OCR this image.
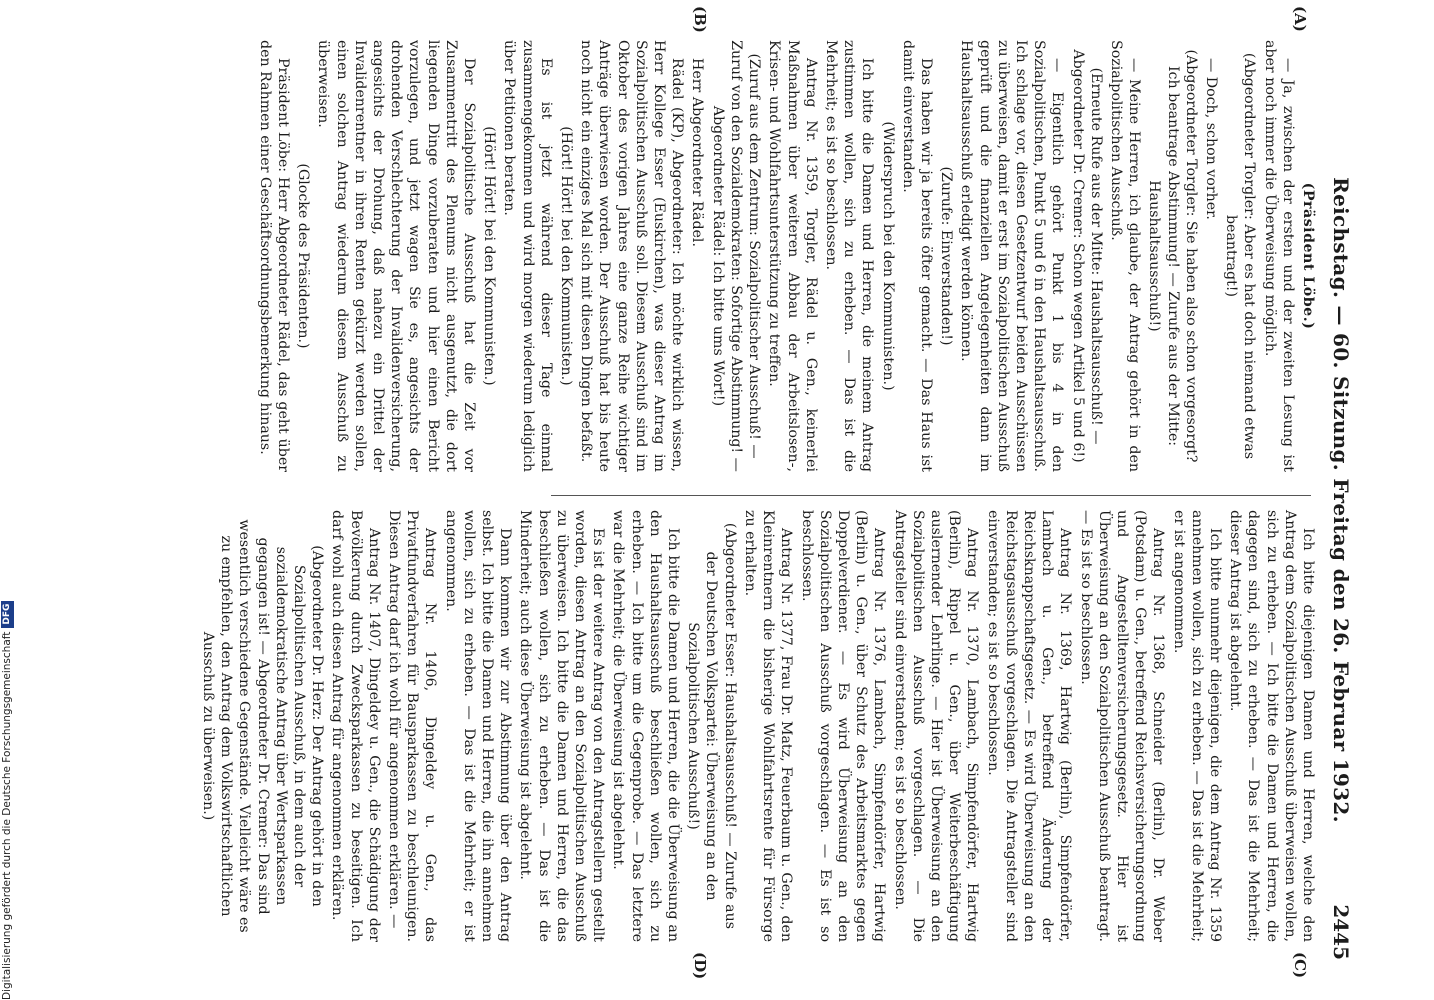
Reichstag. — 60. Sitzung. Freitag den 26. Februar 1932.
2445
(A)
(B)
(C)
(D)

(Präsident Löbe.)

— Ja, zwischen der ersten und der zweiten Lesung ist aber noch immer die Überweisung möglich.

(Abgeordneter Torgler: Aber es hat doch niemand etwas beantragt!)

— Doch, schon vorher.

(Abgeordneter Torgler: Sie haben also schon vorgesorgt? Ich beantrage Abstimmung! — Zurufe aus der Mitte: Haushaltsausschuß!)

— Meine Herren, ich glaube, der Antrag gehört in den Sozialpolitischen Ausschuß.

(Erneute Rufe aus der Mitte: Haushaltsausschuß! — Abgeordneter Dr. Cremer: Schon wegen Artikel 5 und 6!)

— Eigentlich gehört Punkt 1 bis 4 in den Sozialpolitischen, Punkt 5 und 6 in den Haushaltsausschuß. Ich schlage vor, diesen Gesetzentwurf beiden Ausschüssen zu überweisen, damit er erst im Sozialpolitischen Ausschuß geprüft und die finanziellen Angelegenheiten dann im Haushaltsausschuß erledigt werden können.

(Zurufe: Einverstanden!)

Das haben wir ja bereits öfter gemacht. — Das Haus ist damit einverstanden.

(Widerspruch bei den Kommunisten.)

Ich bitte die Damen und Herren, die meinem Antrag zustimmen wollen, sich zu erheben. — Das ist die Mehrheit; es ist so beschlossen.

Antrag Nr. 1359, Torgler, Rädel u. Gen., keinerlei Maßnahmen über weiteren Abbau der Arbeitslosen-, Krisen- und Wohlfahrtsunterstützung zu treffen.

(Zuruf aus dem Zentrum: Sozialpolitischer Ausschuß! — Zuruf von den Sozialdemokraten: Sofortige Abstimmung! — Abgeordneter Rädel: Ich bitte ums Wort!)

Herr Abgeordneter Rädel.

Rädel (KP), Abgeordneter: Ich möchte wirklich wissen, Herr Kollege Esser (Euskirchen), was dieser Antrag im Sozialpolitischen Ausschuß soll. Diesem Ausschuß sind im Oktober des vorigen Jahres eine ganze Reihe wichtiger Anträge überwiesen worden. Der Ausschuß hat bis heute noch nicht ein einziges Mal sich mit diesen Dingen befaßt.

(Hört! Hört! bei den Kommunisten.)

Es ist jetzt während dieser Tage einmal zusammengekommen und wird morgen wiederum lediglich über Petitionen beraten.

(Hört! Hört! bei den Kommunisten.)

Der Sozialpolitische Ausschuß hat die Zeit vor Zusammentritt des Plenums nicht ausgenutzt, die dort liegenden Dinge vorzuberaten und hier einen Bericht vorzulegen, und jetzt wagen Sie es, angesichts der drohenden Verschlechterung der Invalidenversicherung, angesichts der Drohung, daß nahezu ein Drittel der Invalidenrentner in ihren Renten gekürzt werden sollen, einen solchen Antrag wiederum diesem Ausschuß zu überweisen.

(Glocke des Präsidenten.)

Präsident Löbe: Herr Abgeordneter Rädel, das geht über den Rahmen einer Geschäftsordnungsbemerkung hinaus.

Ich bitte diejenigen Damen und Herren, welche den Antrag dem Sozialpolitischen Ausschuß überweisen wollen, sich zu erheben. — Ich bitte die Damen und Herren, die dagegen sind, sich zu erheben. — Das ist die Mehrheit; dieser Antrag ist abgelehnt.

Ich bitte nunmehr diejenigen, die dem Antrag Nr. 1359 annehmen wollen, sich zu erheben. — Das ist die Mehrheit; er ist angenommen.

Antrag Nr. 1368, Schneider (Berlin), Dr. Weber (Potsdam) u. Gen., betreffend Reichsversicherungsordnung und Angestelltenversicherungsgesetz. Hier ist Überweisung an den Sozialpolitischen Ausschuß beantragt. — Es ist so beschlossen.

Antrag Nr. 1369, Hartwig (Berlin), Simpfendörfer, Lambach u. Gen., betreffend Änderung der Reichsknappschaftsgesetz. — Es wird Überweisung an den Reichstagsausschuß vorgeschlagen. Die Antragsteller sind einverstanden; es ist so beschlossen.

Antrag Nr. 1370, Lambach, Simpfendörfer, Hartwig (Berlin), Rippel u. Gen., über Weiterbeschäftigung auslernender Lehrlinge. — Hier ist Überweisung an den Sozialpolitischen Ausschuß vorgeschlagen. — Die Antragsteller sind einverstanden; es ist so beschlossen.

Antrag Nr. 1376, Lambach, Simpfendörfer, Hartwig (Berlin) u. Gen., über Schutz des Arbeitsmarktes gegen Doppelverdiener. — Es wird Überweisung an den Sozialpolitischen Ausschuß vorgeschlagen. — Es ist so beschlossen.

Antrag Nr. 1377, Frau Dr. Matz, Feuerbaum u. Gen., den Kleinrentnern die bisherige Wohlfahrtsrente für Fürsorge zu erhalten.

(Abgeordneter Esser: Haushaltsausschuß! — Zurufe aus der Deutschen Volkspartei: Überweisung an den Sozialpolitischen Ausschuß!)

Ich bitte die Damen und Herren, die die Überweisung an den Haushaltsausschuß beschließen wollen, sich zu erheben. — Ich bitte um die Gegenprobe. — Das letztere war die Mehrheit; die Überweisung ist abgelehnt.

Es ist der weitere Antrag von den Antragstellern gestellt worden, diesen Antrag an den Sozialpolitischen Ausschuß zu überweisen. Ich bitte die Damen und Herren, die das beschließen wollen, sich zu erheben. — Das ist die Minderheit; auch diese Überweisung ist abgelehnt.

Dann kommen wir zur Abstimmung über den Antrag selbst. Ich bitte die Damen und Herren, die ihn annehmen wollen, sich zu erheben. — Das ist die Mehrheit; er ist angenommen.

Antrag Nr. 1406, Dingeldey u. Gen., das Privatfundverfahren für Bausparkassen zu beschleunigen. Diesen Antrag darf ich wohl für angenommen erklären. —

Antrag Nr. 1407, Dingeldey u. Gen., die Schädigung der Bevölkerung durch Zwecksparkassen zu beseitigen. Ich darf wohl auch diesen Antrag für angenommen erklären.

(Abgeordneter Dr. Herz: Der Antrag gehört in den Sozialpolitischen Ausschuß, in dem auch der sozialdemokratische Antrag über Wertsparkassen gegangen ist! — Abgeordneter Dr. Cremer: Das sind wesentlich verschiedene Gegenstände. Vielleicht wäre es zu empfehlen, den Antrag dem Volkswirtschaftlichen Ausschuß zu überweisen.)

Digitalisierung gefördert durch die Deutsche Forschungsgemeinschaft
DFG
